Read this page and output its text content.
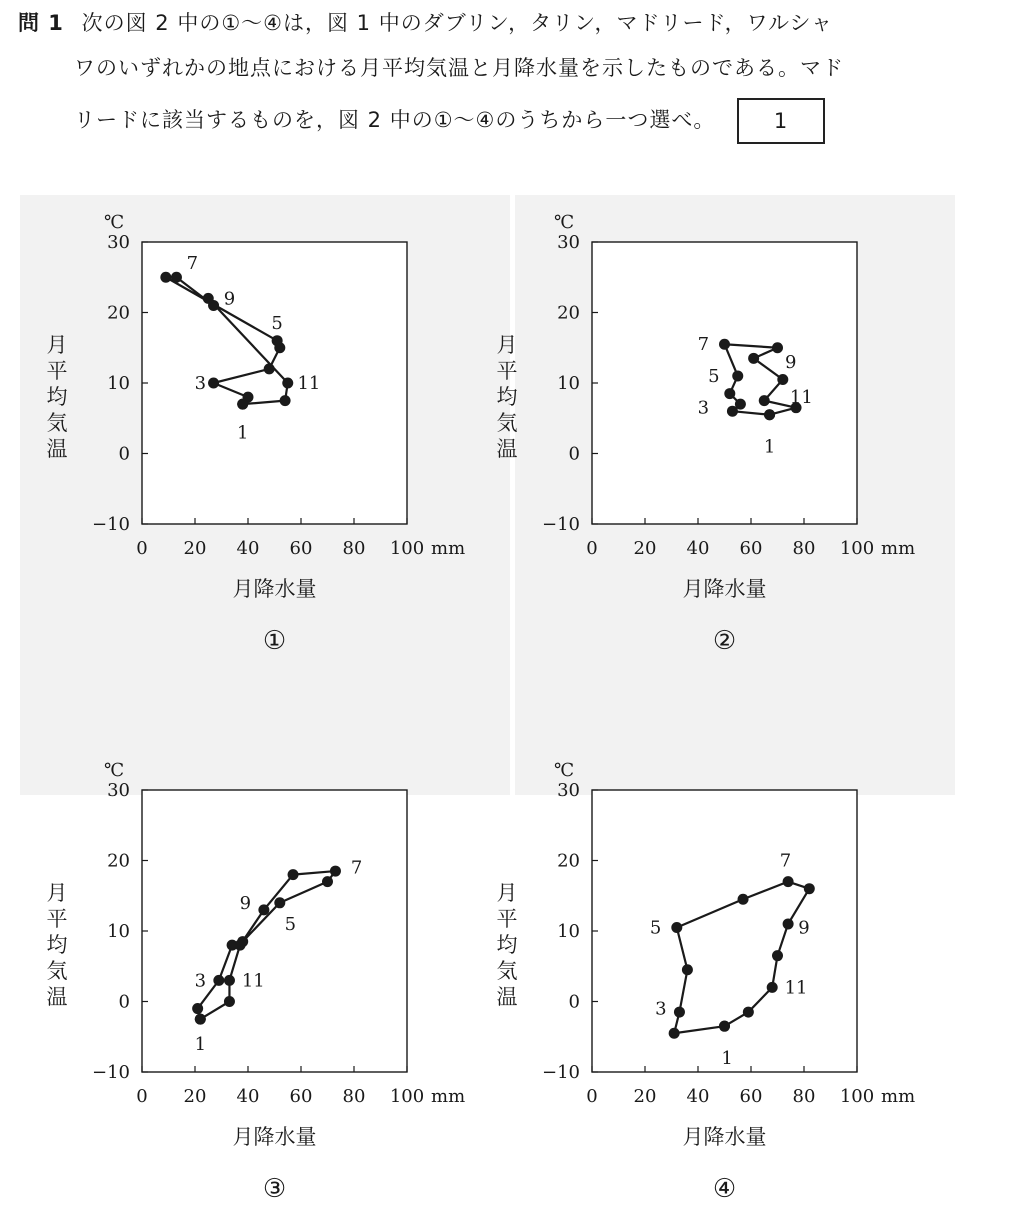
問 1 次の図 2 中の①〜④は，図 1 中のダブリン，タリン，マドリード，ワルシャ
ワのいずれかの地点における月平均気温と月降水量を示したものである。マド
リードに該当するものを，図 2 中の①〜④のうちから一つ選べ。	1
℃
30
20
10
0
−10
0 20 40 60 80 100 mm
月降水量
月
平
均
気
温
1
3
5
7
9
11
①
℃
30
20
10
0
−10
0 20 40 60 80 100 mm
月降水量
月
平
均
気
温	1
3
5
7
9
11
②
℃
30
20
10
0
−10
0 20 40 60 80 100 mm
月降水量
月
平
均
気
温
1
3
5
7
9
11
③
℃
30
20
10
0
−10
0 20 40 60 80 100 mm
月降水量
月
平
均
気
温
1
3
5
7
9
11
④
